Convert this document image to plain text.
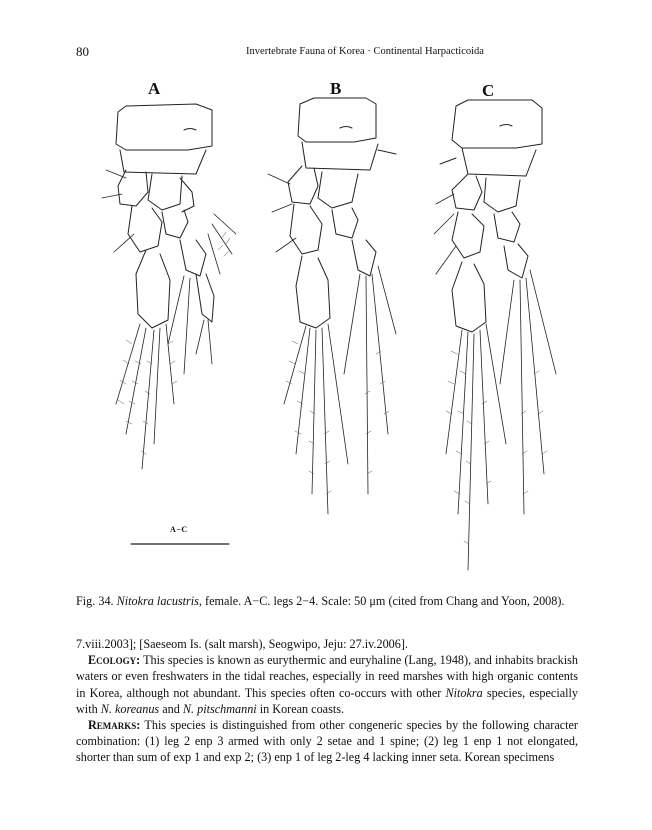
80	Invertebrate Fauna of Korea · Continental Harpacticoida
A	B	C
A−C
Fig. 34. Nitokra lacustris, female. A−C. legs 2−4. Scale: 50 μm (cited from Chang and Yoon, 2008).

7.viii.2003]; [Saeseom Is. (salt marsh), Seogwipo, Jeju: 27.iv.2006].

Ecology: This species is known as eurythermic and euryhaline (Lang, 1948), and inhabits brackish waters or even freshwaters in the tidal reaches, especially in reed marshes with high organic contents in Korea, although not abundant. This species often co-occurs with other Nitokra species, especially with N. koreanus and N. pitschmanni in Korean coasts.

Remarks: This species is distinguished from other congeneric species by the following character combination: (1) leg 2 enp 3 armed with only 2 setae and 1 spine; (2) leg 1 enp 1 not elongated, shorter than sum of exp 1 and exp 2; (3) enp 1 of leg 2-leg 4 lacking inner seta. Korean specimens
